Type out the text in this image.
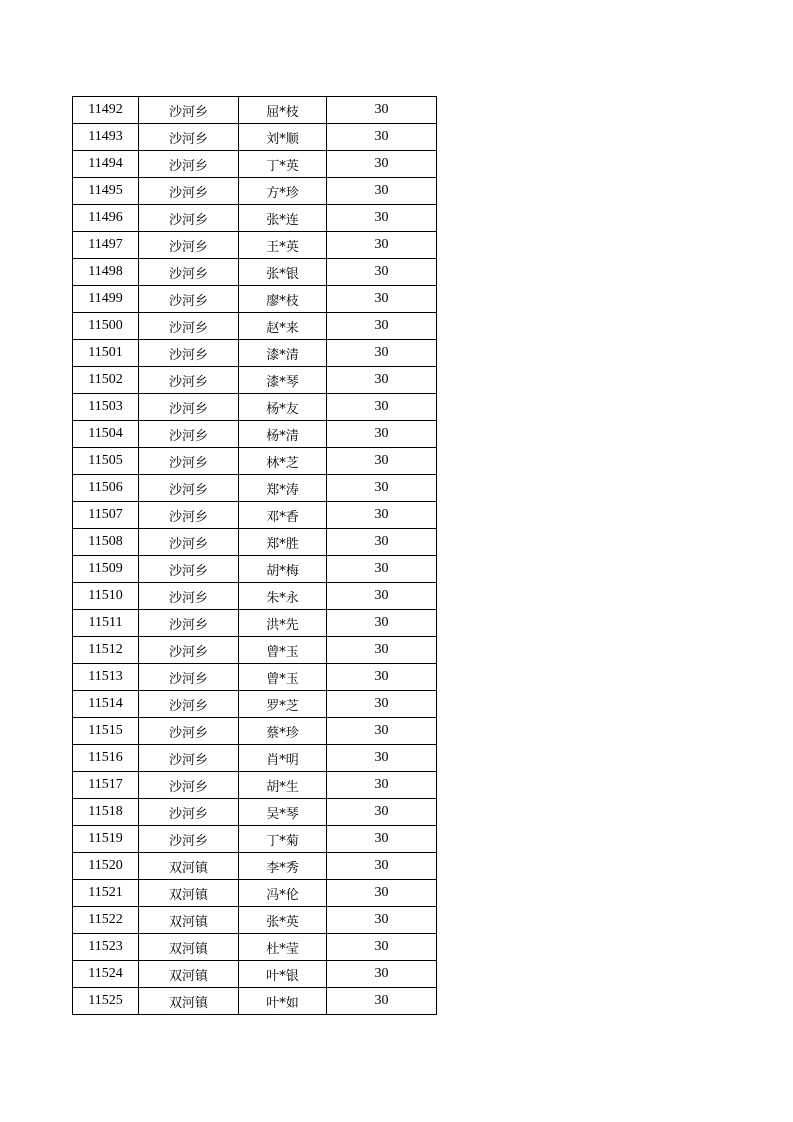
11492	沙河乡	屈*枝	30
11493	沙河乡	刘*顺	30
11494	沙河乡	丁*英	30
11495	沙河乡	方*珍	30
11496	沙河乡	张*连	30
11497	沙河乡	王*英	30
11498	沙河乡	张*银	30
11499	沙河乡	廖*枝	30
11500	沙河乡	赵*来	30
11501	沙河乡	漆*清	30
11502	沙河乡	漆*琴	30
11503	沙河乡	杨*友	30
11504	沙河乡	杨*清	30
11505	沙河乡	林*芝	30
11506	沙河乡	郑*涛	30
11507	沙河乡	邓*香	30
11508	沙河乡	郑*胜	30
11509	沙河乡	胡*梅	30
11510	沙河乡	朱*永	30
11511	沙河乡	洪*先	30
11512	沙河乡	曾*玉	30
11513	沙河乡	曾*玉	30
11514	沙河乡	罗*芝	30
11515	沙河乡	蔡*珍	30
11516	沙河乡	肖*明	30
11517	沙河乡	胡*生	30
11518	沙河乡	吴*琴	30
11519	沙河乡	丁*菊	30
11520	双河镇	李*秀	30
11521	双河镇	冯*伦	30
11522	双河镇	张*英	30
11523	双河镇	杜*莹	30
11524	双河镇	叶*银	30
11525	双河镇	叶*如	30
